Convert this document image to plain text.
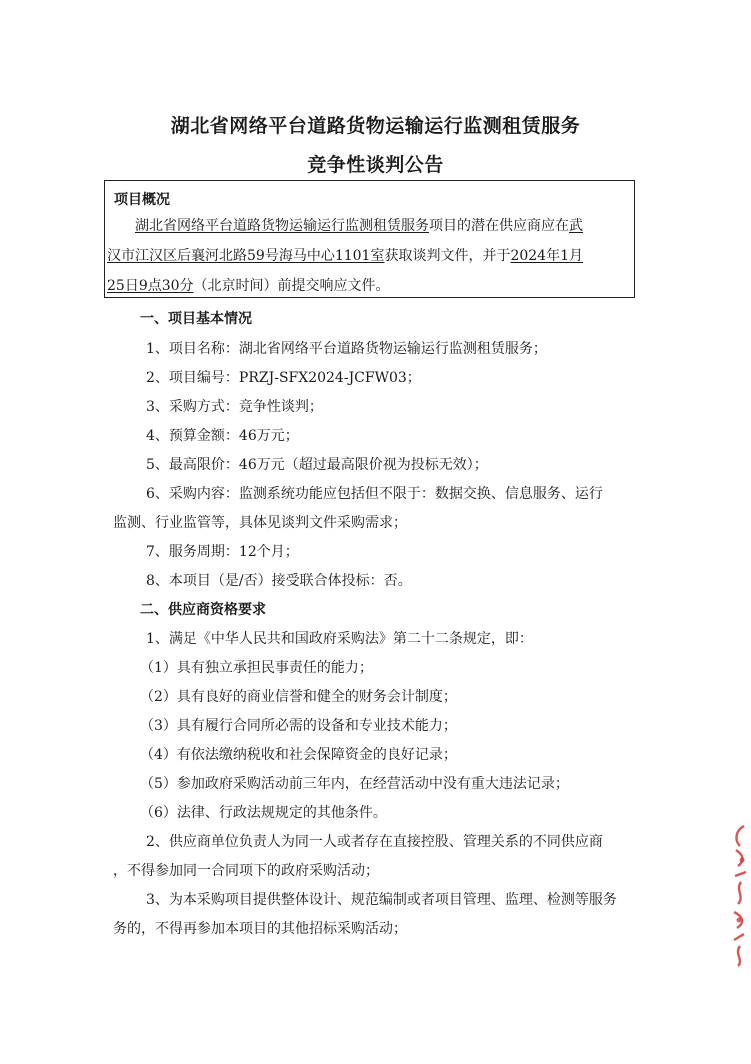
湖北省网络平台道路货物运输运行监测租赁服务
竞争性谈判公告
项目概况
　　湖北省网络平台道路货物运输运行监测租赁服务项目的潜在供应商应在武
汉市江汉区后襄河北路59号海马中心1101室获取谈判文件，并于2024年1月
25日9点30分（北京时间）前提交响应文件。
一、项目基本情况
1、项目名称：湖北省网络平台道路货物运输运行监测租赁服务；
2、项目编号：PRZJ-SFX2024-JCFW03；
3、采购方式：竞争性谈判；
4、预算金额：46万元；
5、最高限价：46万元（超过最高限价视为投标无效）；
6、采购内容：监测系统功能应包括但不限于：数据交换、信息服务、运行
监测、行业监管等，具体见谈判文件采购需求；
7、服务周期：12个月；
8、本项目（是/否）接受联合体投标：否。
二、供应商资格要求
1、满足《中华人民共和国政府采购法》第二十二条规定，即：
（1）具有独立承担民事责任的能力；
（2）具有良好的商业信誉和健全的财务会计制度；
（3）具有履行合同所必需的设备和专业技术能力；
（4）有依法缴纳税收和社会保障资金的良好记录；
（5）参加政府采购活动前三年内，在经营活动中没有重大违法记录；
（6）法律、行政法规规定的其他条件。
2、供应商单位负责人为同一人或者存在直接控股、管理关系的不同供应商
，不得参加同一合同项下的政府采购活动；
3、为本采购项目提供整体设计、规范编制或者项目管理、监理、检测等服务
务的，不得再参加本项目的其他招标采购活动；
